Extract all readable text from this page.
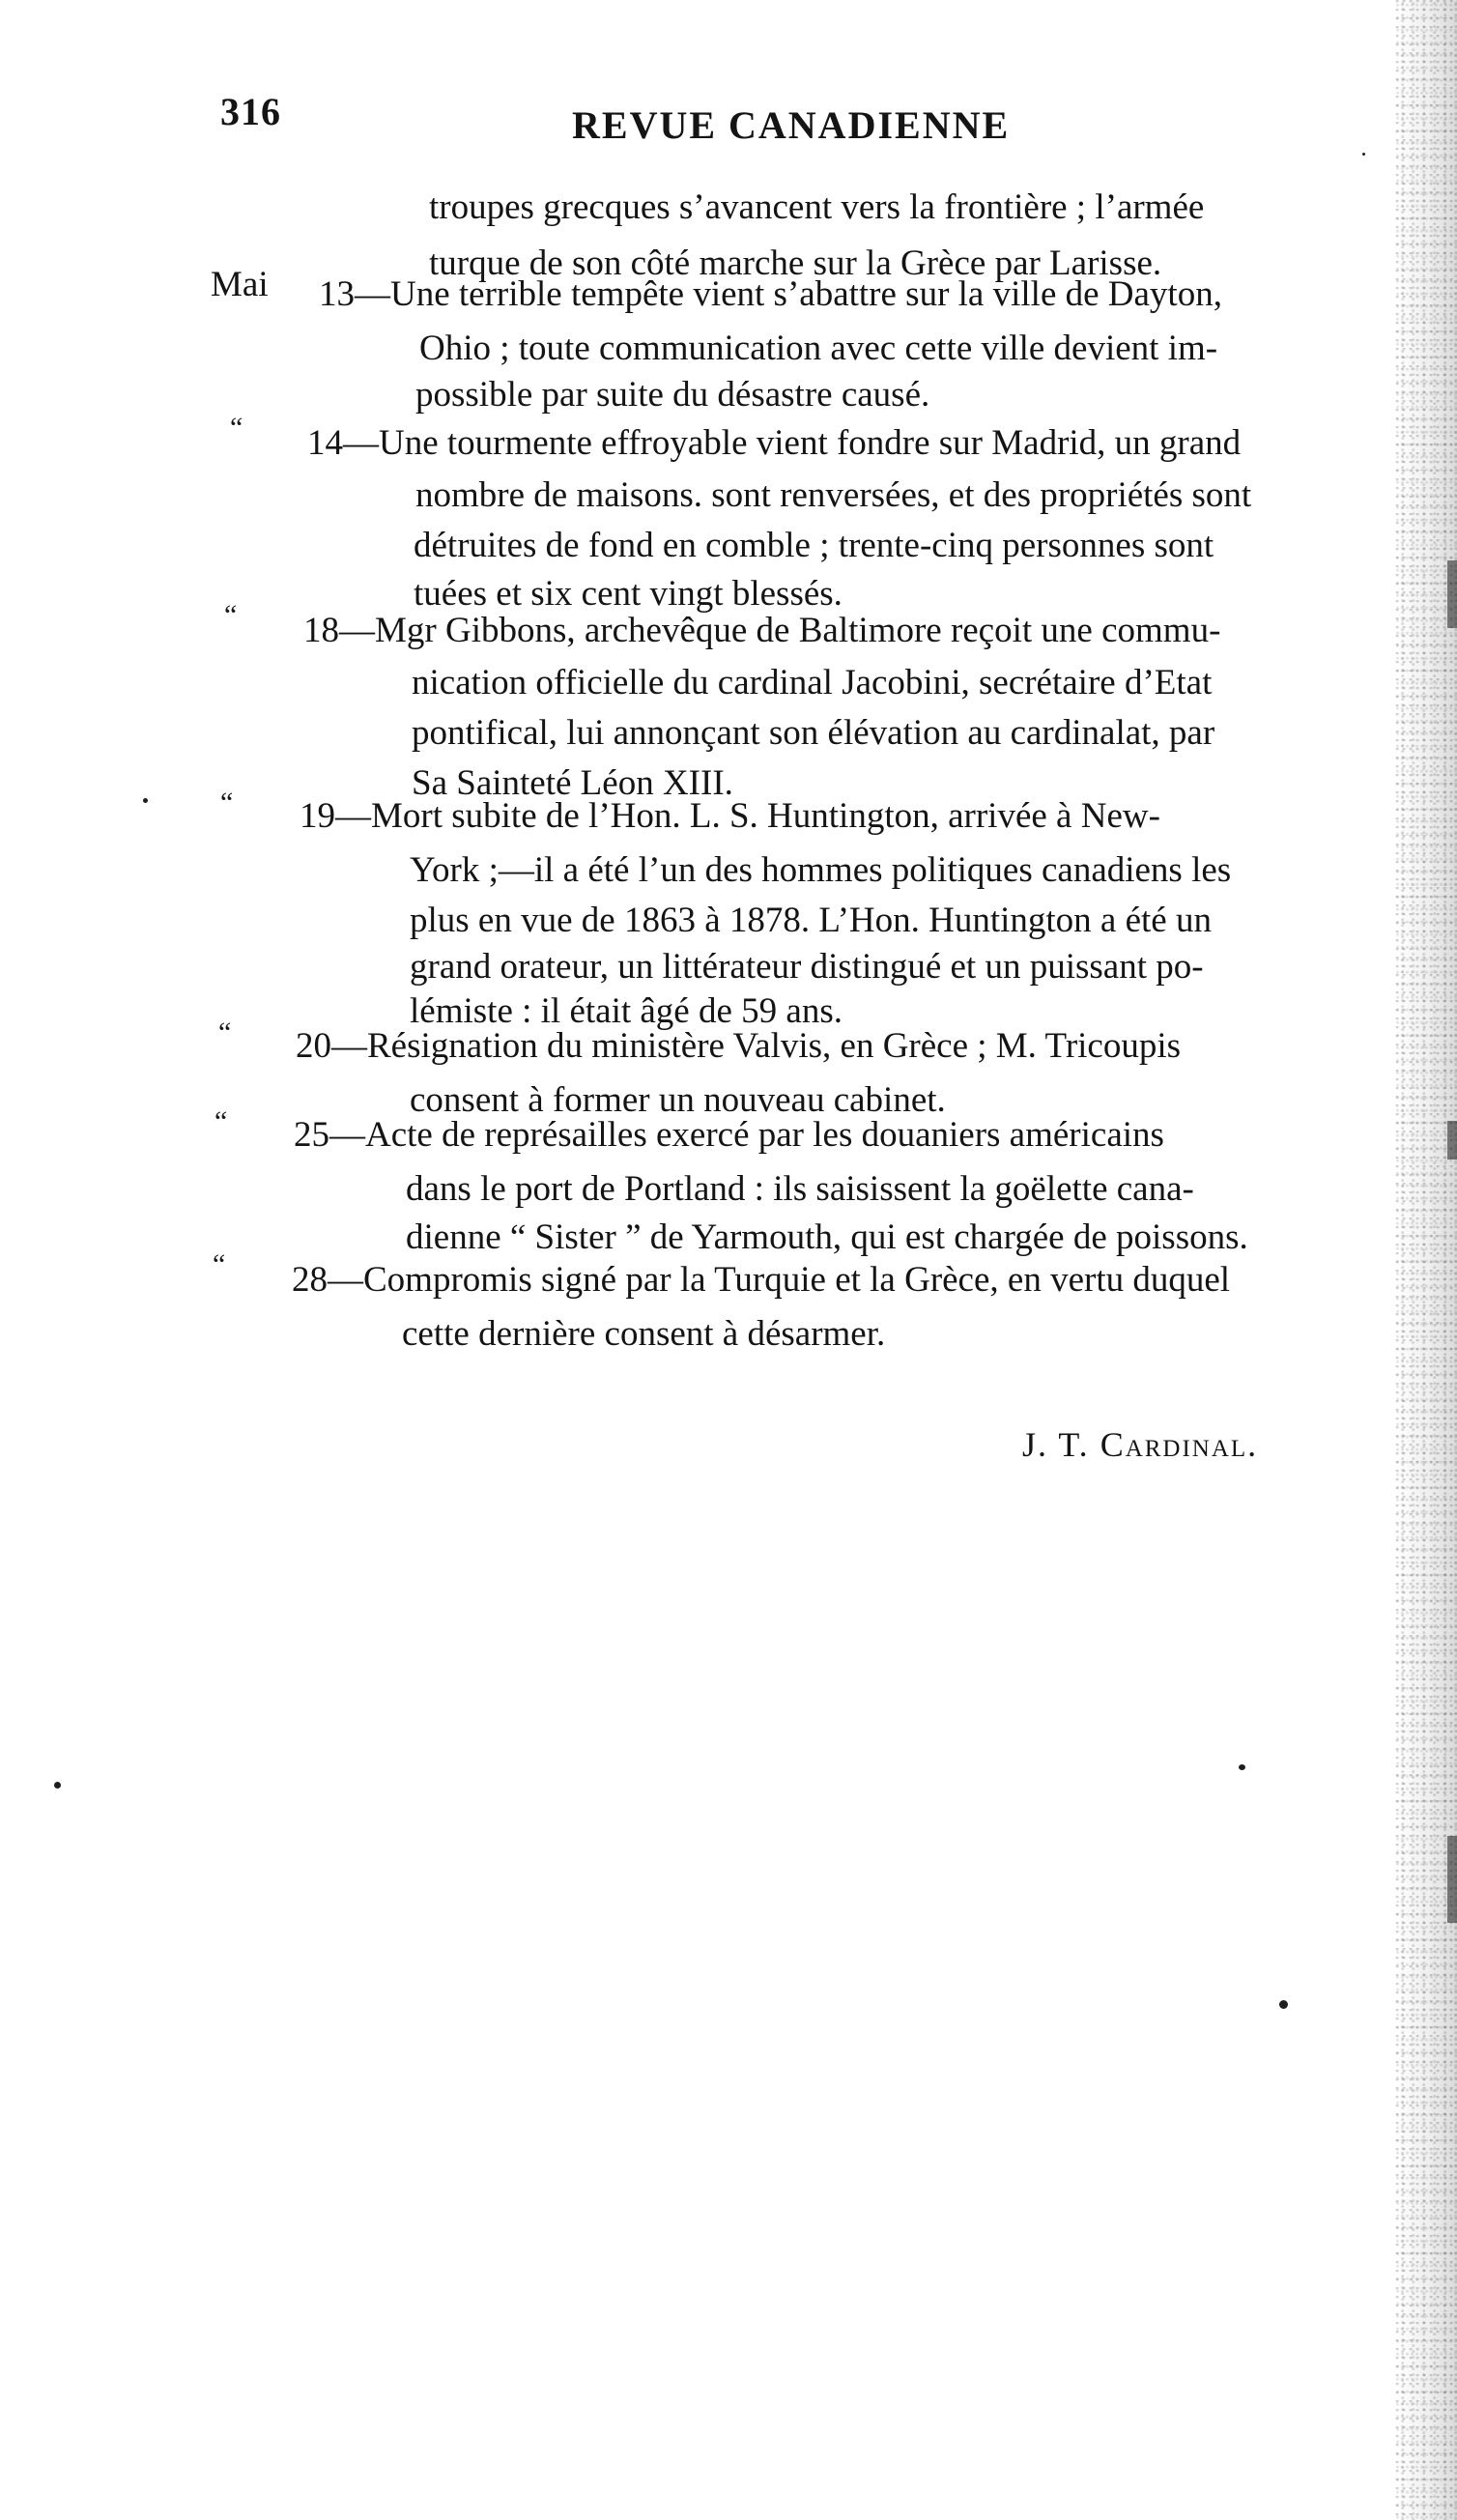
316	REVUE CANADIENNE
troupes grecques s’avancent vers la frontière ; l’armée
turque de son côté marche sur la Grèce par Larisse.
Mai 13—Une terrible tempête vient s’abattre sur la ville de Dayton,
Ohio ; toute communication avec cette ville devient im-
possible par suite du désastre causé.
“ 14—Une tourmente effroyable vient fondre sur Madrid, un grand
nombre de maisons. sont renversées, et des propriétés sont
détruites de fond en comble ; trente-cinq personnes sont
tuées et six cent vingt blessés.
“ 18—Mgr Gibbons, archevêque de Baltimore reçoit une commu-
nication officielle du cardinal Jacobini, secrétaire d’Etat
pontifical, lui annonçant son élévation au cardinalat, par
Sa Sainteté Léon XIII.
“ 19—Mort subite de l’Hon. L. S. Huntington, arrivée à New-
York ;—il a été l’un des hommes politiques canadiens les
plus en vue de 1863 à 1878. L’Hon. Huntington a été un
grand orateur, un littérateur distingué et un puissant po-
lémiste : il était âgé de 59 ans.
“ 20—Résignation du ministère Valvis, en Grèce ; M. Tricoupis
consent à former un nouveau cabinet.
“ 25—Acte de représailles exercé par les douaniers américains
dans le port de Portland : ils saisissent la goëlette cana-
dienne “ Sister ” de Yarmouth, qui est chargée de poissons.
“ 28—Compromis signé par la Turquie et la Grèce, en vertu duquel
cette dernière consent à désarmer.
J. T. Cardinal.
